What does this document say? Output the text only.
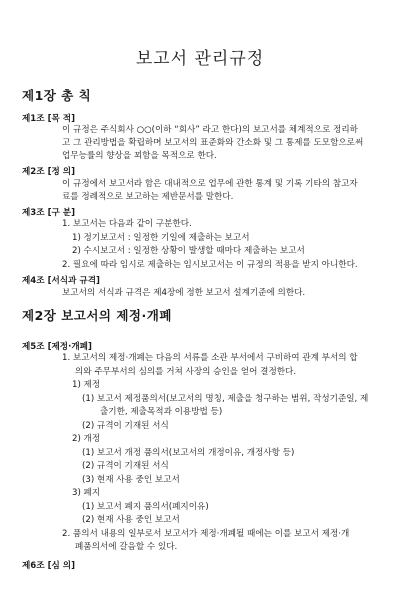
보고서 관리규정
제1장 총 칙
제1조 [목 적]
이 규정은 주식회사 ○○(이하 “회사” 라고 한다)의 보고서를 체계적으로 정리하
고 그 관리방법을 확립하며 보고서의 표준화와 간소화 및 그 통제를 도모함으로써
업무능률의 향상을 꾀함을 목적으로 한다.
제2조 [정 의]
이 규정에서 보고서라 함은 대내적으로 업무에 관한 통계 및 기록 기타의 참고자
료를 정례적으로 보고하는 제반문서를 말한다.
제3조 [구 분]
1. 보고서는 다음과 같이 구분한다.
1) 정기보고서 : 일정한 기일에 제출하는 보고서
2) 수시보고서 : 일정한 상황이 발생할 때마다 제출하는 보고서
2. 필요에 따라 임시로 제출하는 임시보고서는 이 규정의 적용을 받지 아니한다.
제4조 [서식과 규격]
보고서의 서식과 규격은 제4장에 정한 보고서 설계기준에 의한다.
제2장 보고서의 제정·개폐
제5조 [제정·개폐]
1. 보고서의 제정·개폐는 다음의 서류를 소관 부서에서 구비하여 관계 부서의 합
의와 주무부서의 심의를 거쳐 사장의 승인을 얻어 결정한다.
1) 제정
(1) 보고서 제정품의서(보고서의 명칭, 제출을 청구하는 범위, 작성기준일, 제
출기한, 제출목적과 이용방법 등)
(2) 규격이 기재된 서식
2) 개정
(1) 보고서 개정 품의서(보고서의 개정이유, 개정사항 등)
(2) 규격이 기재된 서식
(3) 현재 사용 중인 보고서
3) 폐지
(1) 보고서 폐지 품의서(폐지이유)
(2) 현재 사용 중인 보고서
2. 품의서 내용의 일부로서 보고서가 제정·개폐될 때에는 이를 보고서 제정·개
폐품의서에 갈음할 수 있다.
제6조 [심 의]
